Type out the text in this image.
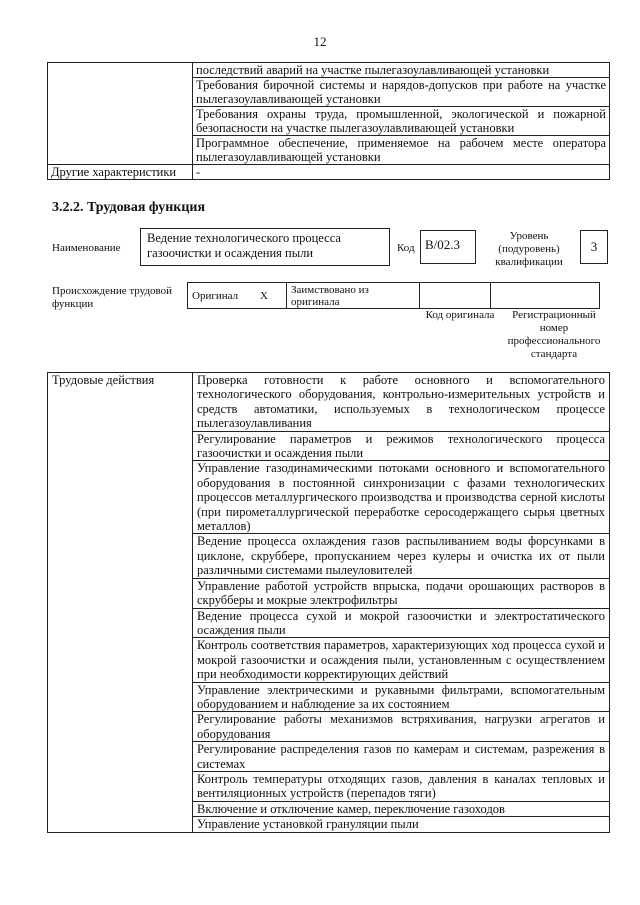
12
	последствий аварий на участке пылегазоулавливающей установки
	Требования бирочной системы и нарядов-допусков при работе на участке пылегазоулавливающей установки
	Требования охраны труда, промышленной, экологической и пожарной безопасности на участке пылегазоулавливающей установки
	Программное обеспечение, применяемое на рабочем месте оператора пылегазоулавливающей установки
Другие характеристики	-
3.2.2. Трудовая функция
Наименование
Ведение технологического процесса газоочистки и осаждения пыли	Код B/02.3
Уровень (подуровень) квалификации
3
Происхождение трудовой функции
Оригинал	X	Заимствовано из оригинала		
Код оригинала	Регистрационный номер профессионального стандарта
Трудовые действия	Проверка готовности к работе основного и вспомогательного технологического оборудования, контрольно-измерительных устройств и средств автоматики, используемых в технологическом процессе пылегазоулавливания
Регулирование параметров и режимов технологического процесса газоочистки и осаждения пыли
Управление газодинамическими потоками основного и вспомогательного оборудования в постоянной синхронизации с фазами технологических процессов металлургического производства и производства серной кислоты (при пирометаллургической переработке серосодержащего сырья цветных металлов)
Ведение процесса охлаждения газов распыливанием воды форсунками в циклоне, скруббере, пропусканием через кулеры и очистка их от пыли различными системами пылеуловителей
Управление работой устройств впрыска, подачи орошающих растворов в скрубберы и мокрые электрофильтры
Ведение процесса сухой и мокрой газоочистки и электростатического осаждения пыли
Контроль соответствия параметров, характеризующих ход процесса сухой и мокрой газоочистки и осаждения пыли, установленным с осуществлением при необходимости корректирующих действий
Управление электрическими и рукавными фильтрами, вспомогательным оборудованием и наблюдение за их состоянием
Регулирование работы механизмов встряхивания, нагрузки агрегатов и оборудования
Регулирование распределения газов по камерам и системам, разрежения в системах
Контроль температуры отходящих газов, давления в каналах тепловых и вентиляционных устройств (перепадов тяги)
Включение и отключение камер, переключение газоходов
Управление установкой грануляции пыли
